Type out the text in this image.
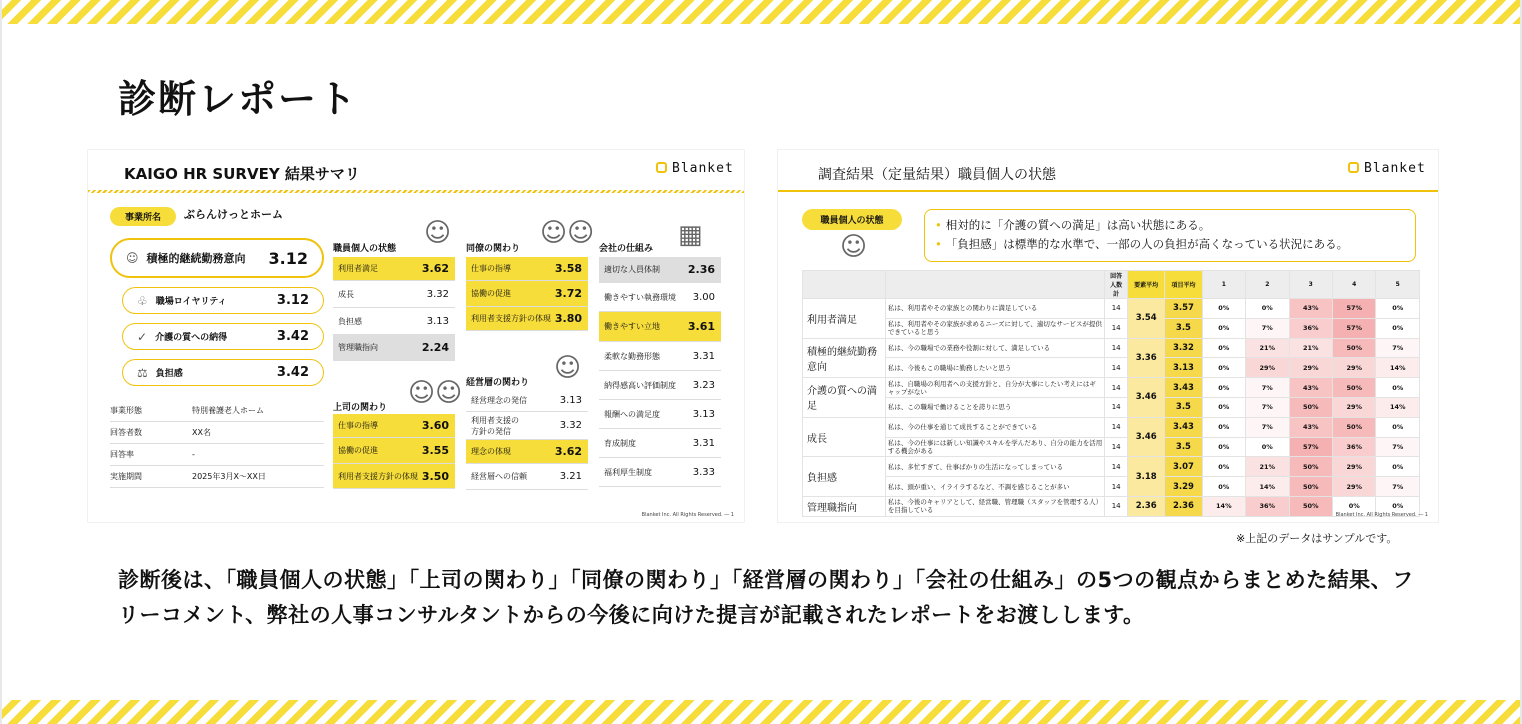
診断レポート
KAIGO HR SURVEY 結果サマリ	Blanket
事業所名	ぶらんけっとホーム
☺ 積極的継続勤務意向	3.12
♧ 職場ロイヤリティ	3.12
✓ 介護の質への納得	3.42
⚖ 負担感	3.42
事業形態	特別養護老人ホーム
回答者数	XX名
回答率	-
実施期間	2025年3月X～XX日
職員個人の状態
☺
利用者満足	3.62
成長	3.32
負担感	3.13
管理職指向	2.24
上司の関わり ☺☺
仕事の指導	3.60
協働の促進	3.55
利用者支援方針の体現 3.50
同僚の関わり
☺☺
仕事の指導	3.58
協働の促進	3.72
利用者支援方針の体現 3.80
経営層の関わり ☺
経営理念の発信	3.13
利用者支援の方針の発信	3.32
理念の体現	3.62
経営層への信頼	3.21
会社の仕組み ▦
適切な人員体制	2.36
働きやすい執務環境 3.00
働きやすい立地	3.61
柔軟な勤務形態	3.31
納得感高い評価制度 3.23
報酬への満足度	3.13
育成制度	3.31
福利厚生制度	3.33
Blanket Inc. All Rights Reserved. ― 1
調査結果（定量結果）職員個人の状態	Blanket
職員個人の状態
☺
• 相対的に「介護の質への満足」は高い状態にある。
• 「負担感」は標準的な水準で、一部の人の負担が高くなっている状況にある。
		回答人数計	要素平均	項目平均	1	2	3	4	5
利用者満足	私は、利用者やその家族との関わりに満足している	14	3.54	3.57	0%	0%	43%	57%	0%
	私は、利用者やその家族が求めるニーズに対して、適切なサービスが提供できていると思う	14		3.5	0%	7%	36%	57%	0%
積極的継続勤務意向	私は、今の職場での業務や役割に対して、満足している	14	3.36	3.32	0%	21%	21%	50%	7%
	私は、今後もこの職場に勤務したいと思う	14		3.13	0%	29%	29%	29%	14%
介護の質への満足	私は、自職場の利用者への支援方針と、自分が大事にしたい考えにはギャップがない	14	3.46	3.43	0%	7%	43%	50%	0%
	私は、この職場で働けることを誇りに思う	14		3.5	0%	7%	50%	29%	14%
成長	私は、今の仕事を通じて成長することができている	14	3.46	3.43	0%	7%	43%	50%	0%
	私は、今の仕事には新しい知識やスキルを学んだあり、自分の能力を活用する機会がある	14		3.5	0%	0%	57%	36%	7%
負担感	私は、多忙すぎて、仕事ばかりの生活になってしまっている	14	3.18	3.07	0%	21%	50%	29%	0%
	私は、頭が重い、イライラするなど、不調を感じることが多い	14		3.29	0%	14%	50%	29%	7%
管理職指向	私は、今後のキャリアとして、経営職、管理職（スタッフを管理する人）を目指している	14	2.36	2.36	14%	36%	50%	0%	0%
Blanket Inc. All Rights Reserved. ― 1
※上記のデータはサンプルです。

診断後は、「職員個人の状態」「上司の関わり」「同僚の関わり」「経営層の関わり」「会社の仕組み」の5つの観点からまとめた結果、フリーコメント、弊社の人事コンサルタントからの今後に向けた提言が記載されたレポートをお渡しします。
